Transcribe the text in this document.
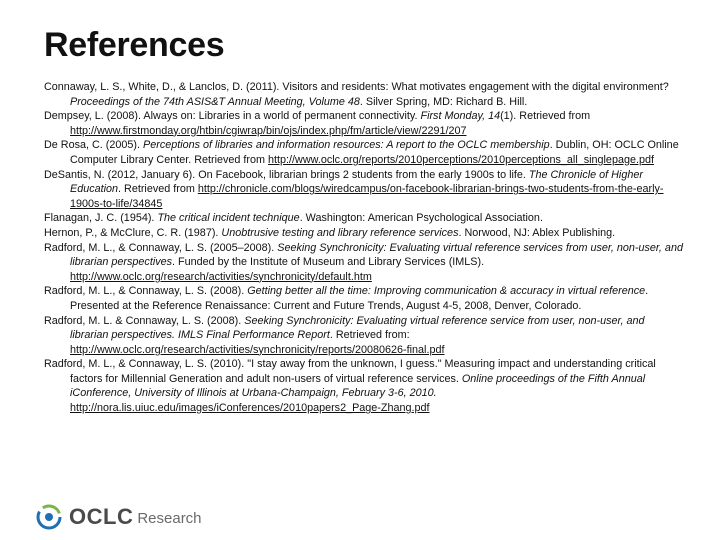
References

Connaway, L. S., White, D., & Lanclos, D. (2011). Visitors and residents: What motivates engagement with the digital environment? Proceedings of the 74th ASIS&T Annual Meeting, Volume 48. Silver Spring, MD: Richard B. Hill.

Dempsey, L. (2008). Always on: Libraries in a world of permanent connectivity. First Monday, 14(1). Retrieved from http://www.firstmonday.org/htbin/cgiwrap/bin/ojs/index.php/fm/article/view/2291/207

De Rosa, C. (2005). Perceptions of libraries and information resources: A report to the OCLC membership. Dublin, OH: OCLC Online Computer Library Center. Retrieved from http://www.oclc.org/reports/2010perceptions/2010perceptions_all_singlepage.pdf

DeSantis, N. (2012, January 6). On Facebook, librarian brings 2 students from the early 1900s to life. The Chronicle of Higher Education. Retrieved from http://chronicle.com/blogs/wiredcampus/on-facebook-librarian-brings-two-students-from-the-early-1900s-to-life/34845

Flanagan, J. C. (1954). The critical incident technique. Washington: American Psychological Association.

Hernon, P., & McClure, C. R. (1987). Unobtrusive testing and library reference services. Norwood, NJ: Ablex Publishing.

Radford, M. L., & Connaway, L. S. (2005–2008). Seeking Synchronicity: Evaluating virtual reference services from user, non-user, and librarian perspectives. Funded by the Institute of Museum and Library Services (IMLS). http://www.oclc.org/research/activities/synchronicity/default.htm

Radford, M. L., & Connaway, L. S. (2008). Getting better all the time: Improving communication & accuracy in virtual reference. Presented at the Reference Renaissance: Current and Future Trends, August 4-5, 2008, Denver, Colorado.

Radford, M. L. & Connaway, L. S. (2008). Seeking Synchronicity: Evaluating virtual reference service from user, non-user, and librarian perspectives. IMLS Final Performance Report. Retrieved from: http://www.oclc.org/research/activities/synchronicity/reports/20080626-final.pdf

Radford, M. L., & Connaway, L. S. (2010). "I stay away from the unknown, I guess." Measuring impact and understanding critical factors for Millennial Generation and adult non-users of virtual reference services. Online proceedings of the Fifth Annual iConference, University of Illinois at Urbana-Champaign, February 3-6, 2010. http://nora.lis.uiuc.edu/images/iConferences/2010papers2_Page-Zhang.pdf

OCLC Research
